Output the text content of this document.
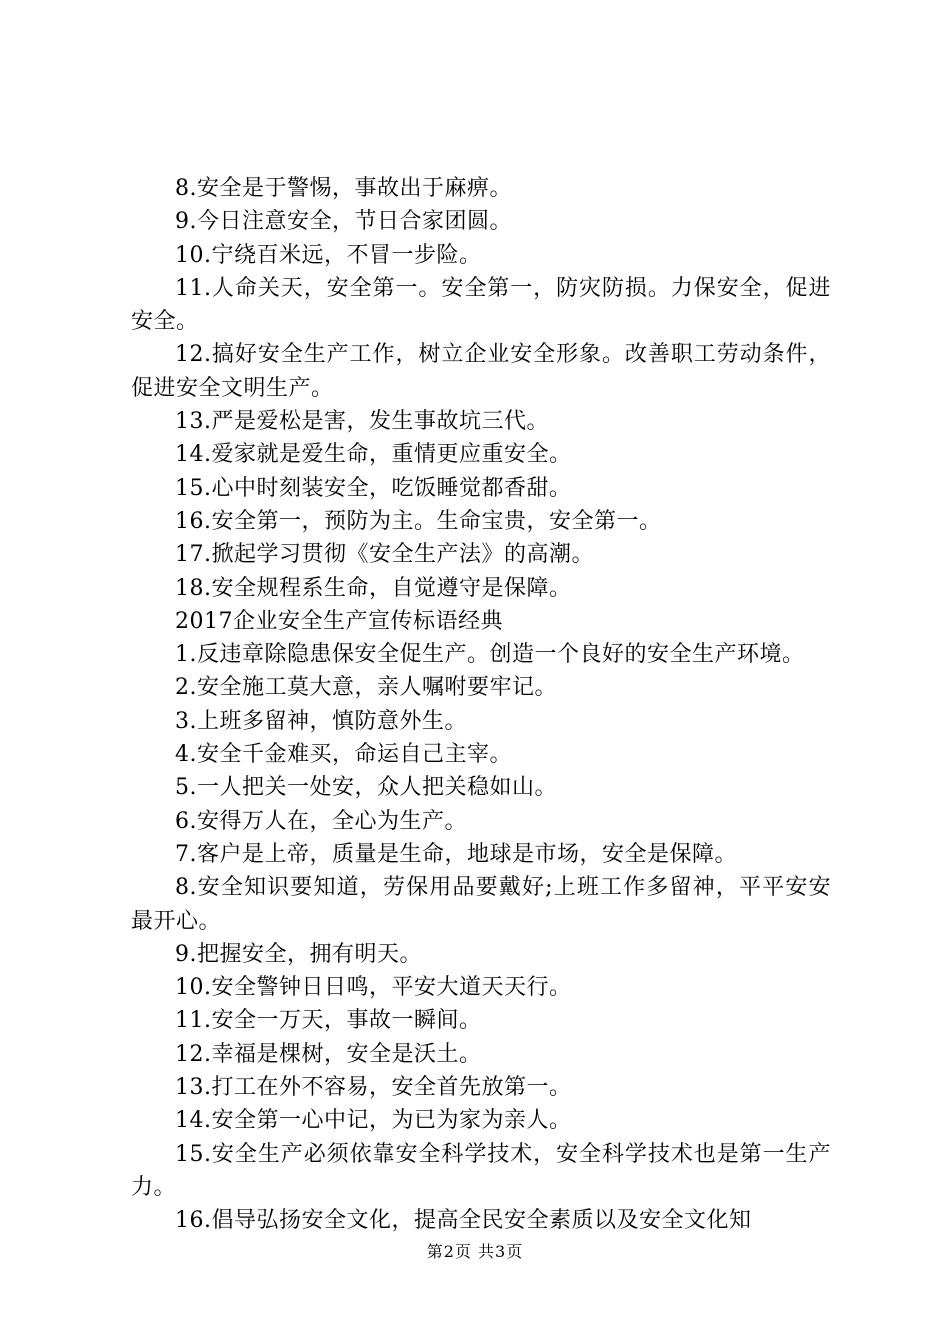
8.安全是于警惕，事故出于麻痹。

9.今日注意安全，节日合家团圆。

10.宁绕百米远，不冒一步险。

11.人命关天，安全第一。安全第一，防灾防损。力保安全，促进安全。

12.搞好安全生产工作，树立企业安全形象。改善职工劳动条件，促进安全文明生产。

13.严是爱松是害，发生事故坑三代。

14.爱家就是爱生命，重情更应重安全。

15.心中时刻装安全，吃饭睡觉都香甜。

16.安全第一，预防为主。生命宝贵，安全第一。

17.掀起学习贯彻《安全生产法》的高潮。

18.安全规程系生命，自觉遵守是保障。

2017企业安全生产宣传标语经典

1.反违章除隐患保安全促生产。创造一个良好的安全生产环境。

2.安全施工莫大意，亲人嘱咐要牢记。

3.上班多留神，慎防意外生。

4.安全千金难买，命运自己主宰。

5.一人把关一处安，众人把关稳如山。

6.安得万人在，全心为生产。

7.客户是上帝，质量是生命，地球是市场，安全是保障。

8.安全知识要知道，劳保用品要戴好;上班工作多留神，平平安安最开心。

9.把握安全，拥有明天。

10.安全警钟日日鸣，平安大道天天行。

11.安全一万天，事故一瞬间。

12.幸福是棵树，安全是沃土。

13.打工在外不容易，安全首先放第一。

14.安全第一心中记，为已为家为亲人。

15.安全生产必须依靠安全科学技术，安全科学技术也是第一生产力。

16.倡导弘扬安全文化，提高全民安全素质以及安全文化知

第2页 共3页
